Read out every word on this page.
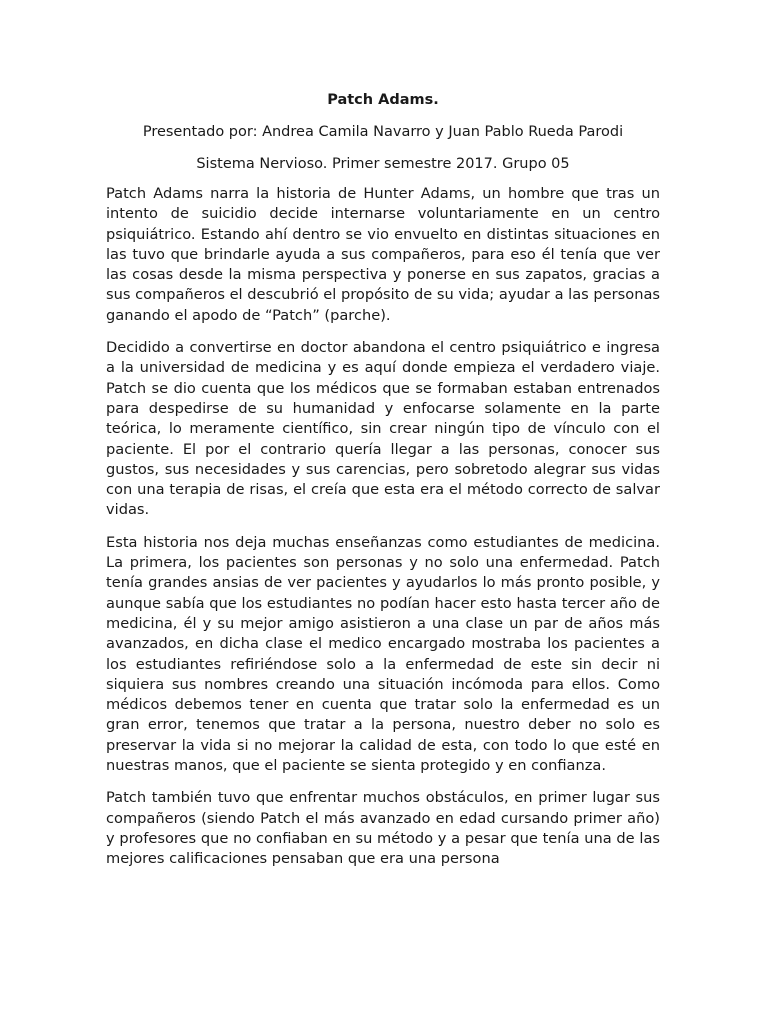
Patch Adams.
Presentado por: Andrea Camila Navarro y Juan Pablo Rueda Parodi
Sistema Nervioso. Primer semestre 2017. Grupo 05

Patch Adams narra la historia de Hunter Adams, un hombre que tras un intento de suicidio decide internarse voluntariamente en un centro psiquiátrico. Estando ahí dentro se vio envuelto en distintas situaciones en las tuvo que brindarle ayuda a sus compañeros, para eso él tenía que ver las cosas desde la misma perspectiva y ponerse en sus zapatos, gracias a sus compañeros el descubrió el propósito de su vida; ayudar a las personas ganando el apodo de “Patch” (parche).

Decidido a convertirse en doctor abandona el centro psiquiátrico e ingresa a la universidad de medicina y es aquí donde empieza el verdadero viaje. Patch se dio cuenta que los médicos que se formaban estaban entrenados para despedirse de su humanidad y enfocarse solamente en la parte teórica, lo meramente científico, sin crear ningún tipo de vínculo con el paciente. El por el contrario quería llegar a las personas, conocer sus gustos, sus necesidades y sus carencias, pero sobretodo alegrar sus vidas con una terapia de risas, el creía que esta era el método correcto de salvar vidas.

Esta historia nos deja muchas enseñanzas como estudiantes de medicina. La primera, los pacientes son personas y no solo una enfermedad. Patch tenía grandes ansias de ver pacientes y ayudarlos lo más pronto posible, y aunque sabía que los estudiantes no podían hacer esto hasta tercer año de medicina, él y su mejor amigo asistieron a una clase un par de años más avanzados, en dicha clase el medico encargado mostraba los pacientes a los estudiantes refiriéndose solo a la enfermedad de este sin decir ni siquiera sus nombres creando una situación incómoda para ellos. Como médicos debemos tener en cuenta que tratar solo la enfermedad es un gran error, tenemos que tratar a la persona, nuestro deber no solo es preservar la vida si no mejorar la calidad de esta, con todo lo que esté en nuestras manos, que el paciente se sienta protegido y en confianza.

Patch también tuvo que enfrentar muchos obstáculos, en primer lugar sus compañeros (siendo Patch el más avanzado en edad cursando primer año) y profesores que no confiaban en su método y a pesar que tenía una de las mejores calificaciones pensaban que era una persona
